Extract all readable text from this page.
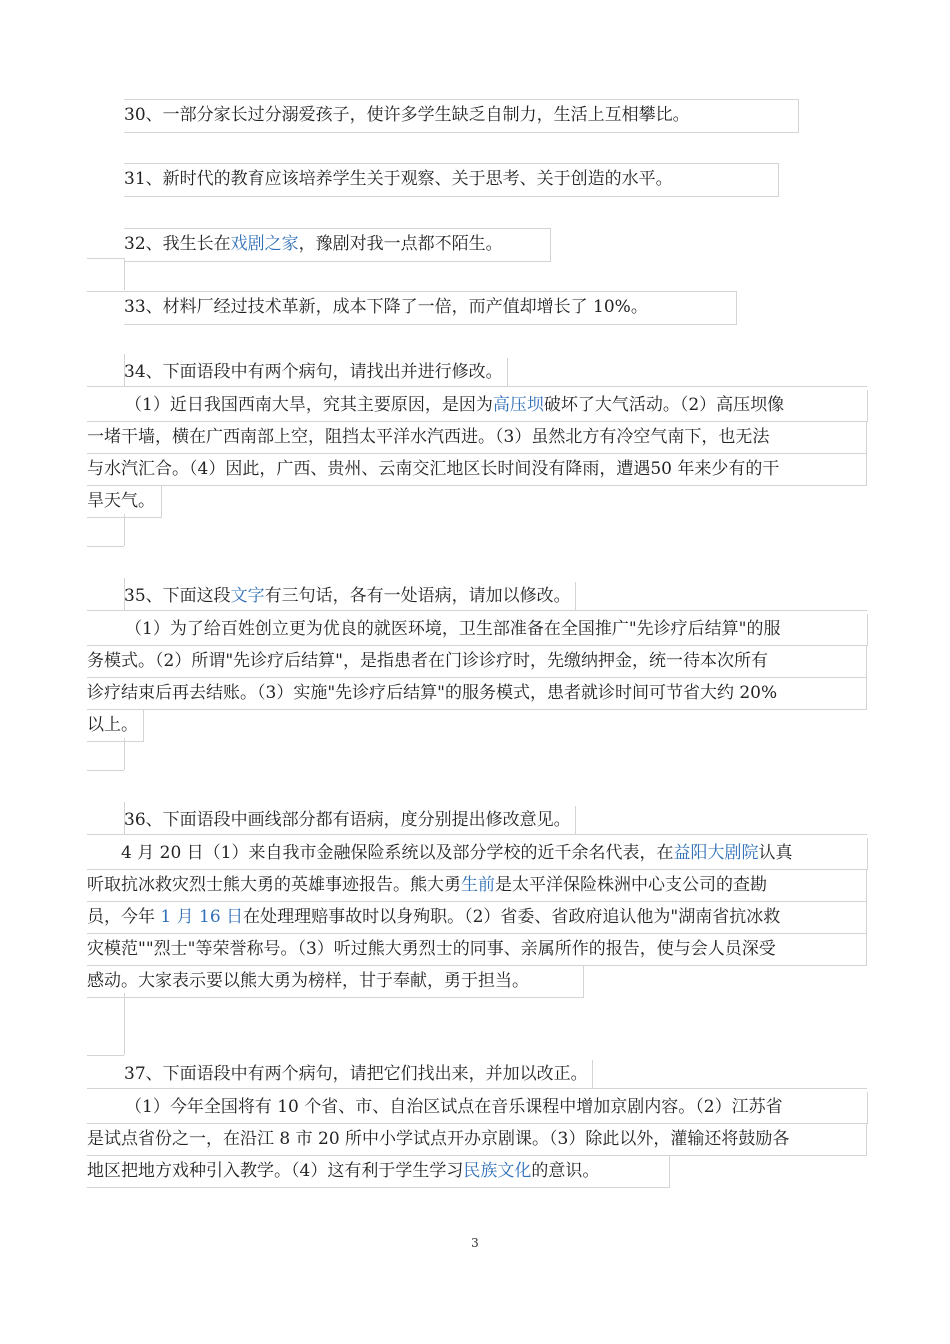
30、一部分家长过分溺爱孩子，使许多学生缺乏自制力，生活上互相攀比。
31、新时代的教育应该培养学生关于观察、关于思考、关于创造的水平。
32、我生长在戏剧之家，豫剧对我一点都不陌生。
33、材料厂经过技术革新，成本下降了一倍，而产值却增长了 10%。
34、下面语段中有两个病句，请找出并进行修改。
（1）近日我国西南大旱，究其主要原因，是因为高压坝破坏了大气活动。（2）高压坝像
一堵干墙，横在广西南部上空，阻挡太平洋水汽西进。（3）虽然北方有冷空气南下，也无法
与水汽汇合。（4）因此，广西、贵州、云南交汇地区长时间没有降雨，遭遇50 年来少有的干
旱天气。
35、下面这段文字有三句话，各有一处语病，请加以修改。
（1）为了给百姓创立更为优良的就医环境，卫生部准备在全国推广"先诊疗后结算"的服
务模式。（2）所谓"先诊疗后结算"，是指患者在门诊诊疗时，先缴纳押金，统一待本次所有
诊疗结束后再去结账。（3）实施"先诊疗后结算"的服务模式，患者就诊时间可节省大约 20%
以上。
36、下面语段中画线部分都有语病，度分别提出修改意见。
4 月 20 日（1）来自我市金融保险系统以及部分学校的近千余名代表，在益阳大剧院认真
听取抗冰救灾烈士熊大勇的英雄事迹报告。熊大勇生前是太平洋保险株洲中心支公司的查勘
员，今年 1 月 16 日在处理理赔事故时以身殉职。（2）省委、省政府追认他为"湖南省抗冰救
灾模范""烈士"等荣誉称号。（3）听过熊大勇烈士的同事、亲属所作的报告，使与会人员深受
感动。大家表示要以熊大勇为榜样，甘于奉献，勇于担当。
37、下面语段中有两个病句，请把它们找出来，并加以改正。
（1）今年全国将有 10 个省、市、自治区试点在音乐课程中增加京剧内容。（2）江苏省
是试点省份之一，在沿江 8 市 20 所中小学试点开办京剧课。（3）除此以外，灌输还将鼓励各
地区把地方戏种引入教学。（4）这有利于学生学习民族文化的意识。
3
